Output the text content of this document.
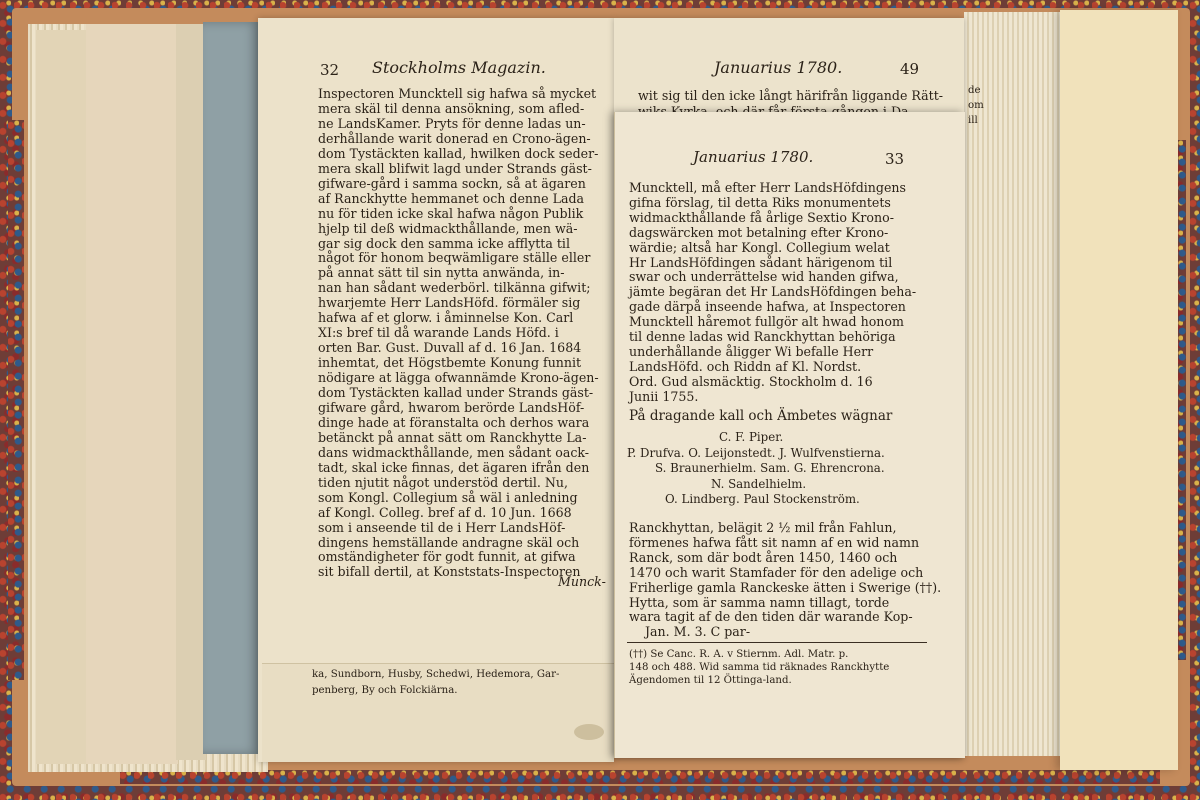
32 Stockholms Magazin.
Inspectoren Muncktell sig hafwa så mycket
mera skäl til denna ansökning, som afled-
ne LandsKamer. Pryts för denne ladas un-
derhållande warit donerad en Crono-ägen-
dom Tystäckten kallad, hwilken dock seder-
mera skall blifwit lagd under Strands gäst-
gifware-gård i samma sockn, så at ägaren
af Ranckhytte hemmanet och denne Lada
nu för tiden icke skal hafwa någon Publik
hjelp til deß widmackthållande, men wä-
gar sig dock den samma icke afflytta til
något för honom beqwämligare ställe eller
på annat sätt til sin nytta anwända, in-
nan han sådant wederbörl. tilkänna gifwit;
hwarjemte Herr LandsHöfd. förmäler sig
hafwa af et glorw. i åminnelse Kon. Carl
XI:s bref til då warande Lands Höfd. i
orten Bar. Gust. Duvall af d. 16 Jan. 1684
inhemtat, det Högstbemte Konung funnit
nödigare at lägga ofwannämde Krono-ägen-
dom Tystäckten kallad under Strands gäst-
gifware gård, hwarom berörde LandsHöf-
dinge hade at föranstalta och derhos wara
betänckt på annat sätt om Ranckhytte La-
dans widmackthållande, men sådant oack-
tadt, skal icke finnas, det ägaren ifrån den
tiden njutit något understöd dertil. Nu,
som Kongl. Collegium så wäl i anledning
af Kongl. Colleg. bref af d. 10 Jun. 1668
som i anseende til de i Herr LandsHöf-
dingens hemställande andragne skäl och
omständigheter för godt funnit, at gifwa
sit bifall dertil, at Konststats-Inspectoren
Munck-
ka, Sundborn, Husby, Schedwi, Hedemora, Gar-
penberg, By och Folckiärna.
Januarius 1780.	49
wit sig til den icke långt härifrån liggande Rätt- de
om
ill
Januarius 1780.	33
Muncktell, må efter Herr LandsHöfdingens
gifna förslag, til detta Riks monumentets
widmackthållande få årlige Sextio Krono-
dagswärcken mot betalning efter Krono-
wärdie; altså har Kongl. Collegium welat
Hr LandsHöfdingen sådant härigenom til
swar och underrättelse wid handen gifwa,
jämte begäran det Hr LandsHöfdingen beha-
gade därpå inseende hafwa, at Inspectoren
Muncktell håremot fullgör alt hwad honom
til denne ladas wid Ranckhyttan behöriga
underhållande åligger Wi befalle Herr
LandsHöfd. och Riddn af Kl. Nordst.
Ord. Gud alsmäcktig. Stockholm d. 16
Junii 1755.
På dragande kall och Ämbetes wägnar
C. F. Piper.
P. Drufva. O. Leijonstedt. J. Wulfvenstierna.
S. Braunerhielm. Sam. G. Ehrencrona.
N. Sandelhielm.
O. Lindberg. Paul Stockenström.
Ranckhyttan, belägit 2 ½ mil från Fahlun,
förmenes hafwa fått sit namn af en wid namn
Ranck, som där bodt åren 1450, 1460 och
1470 och warit Stamfader för den adelige och
Friherlige gamla Ranckeske ätten i Swerige (††).
Hytta, som är samma namn tillagt, torde
wara tagit af de den tiden där warande Kop-
Jan. M. 3. C par-
(††) Se Canc. R. A. v Stiernm. Adl. Matr. p.
148 och 488. Wid samma tid räknades Ranckhytte
Ägendomen til 12 Öttinga-land.
